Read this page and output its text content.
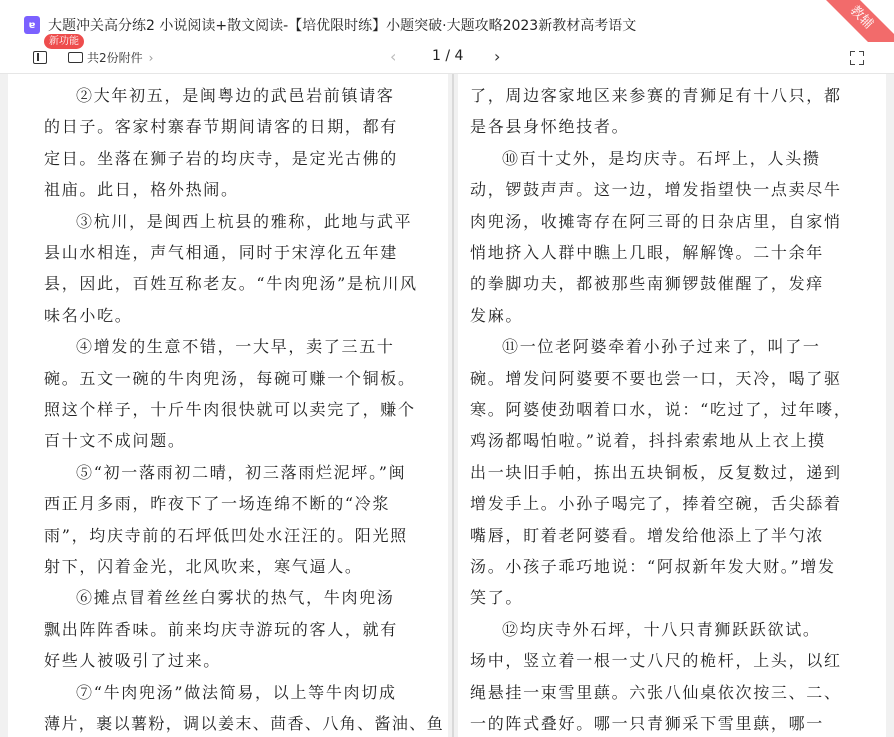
ɐ 大题冲关高分练2 小说阅读+散文阅读-【培优限时练】小题突破·大题攻略2023新教材高考语文	教辅
新功能
共2份附件 ›	‹	1 / 4 ›
②大年初五，是闽粤边的武邑岩前镇请客
的日子。客家村寨春节期间请客的日期，都有
定日。坐落在狮子岩的均庆寺，是定光古佛的
祖庙。此日，格外热闹。
③杭川，是闽西上杭县的雅称，此地与武平
县山水相连，声气相通，同时于宋淳化五年建
县，因此，百姓互称老友。“牛肉兜汤”是杭川风
味名小吃。
④增发的生意不错，一大早，卖了三五十
碗。五文一碗的牛肉兜汤，每碗可赚一个铜板。
照这个样子，十斤牛肉很快就可以卖完了，赚个
百十文不成问题。
⑤“初一落雨初二晴，初三落雨烂泥坪。”闽
西正月多雨，昨夜下了一场连绵不断的“冷浆
雨”，均庆寺前的石坪低凹处水汪汪的。阳光照
射下，闪着金光，北风吹来，寒气逼人。
⑥摊点冒着丝丝白雾状的热气，牛肉兜汤
飘出阵阵香味。前来均庆寺游玩的客人，就有
好些人被吸引了过来。
⑦“牛肉兜汤”做法简易，以上等牛肉切成
薄片，裹以薯粉，调以姜末、茴香、八角、酱油、鱼
了，周边客家地区来参赛的青狮足有十八只，都
是各县身怀绝技者。
⑩百十丈外，是均庆寺。石坪上，人头攒
动，锣鼓声声。这一边，增发指望快一点卖尽牛
肉兜汤，收摊寄存在阿三哥的日杂店里，自家悄
悄地挤入人群中瞧上几眼，解解馋。二十余年
的拳脚功夫，都被那些南狮锣鼓催醒了，发痒
发麻。
⑪一位老阿婆牵着小孙子过来了，叫了一
碗。增发问阿婆要不要也尝一口，天冷，喝了驱
寒。阿婆使劲咽着口水，说：“吃过了，过年嘜，
鸡汤都喝怕啦。”说着，抖抖索索地从上衣上摸
出一块旧手帕，拣出五块铜板，反复数过，递到
增发手上。小孙子喝完了，捧着空碗，舌尖舔着
嘴唇，盯着老阿婆看。增发给他添上了半勺浓
汤。小孩子乖巧地说：“阿叔新年发大财。”增发
笑了。
⑫均庆寺外石坪，十八只青狮跃跃欲试。
场中，竖立着一根一丈八尺的桅杆，上头，以红
绳悬挂一束雪里蕻。六张八仙桌依次按三、二、
一的阵式叠好。哪一只青狮采下雪里蕻，哪一
